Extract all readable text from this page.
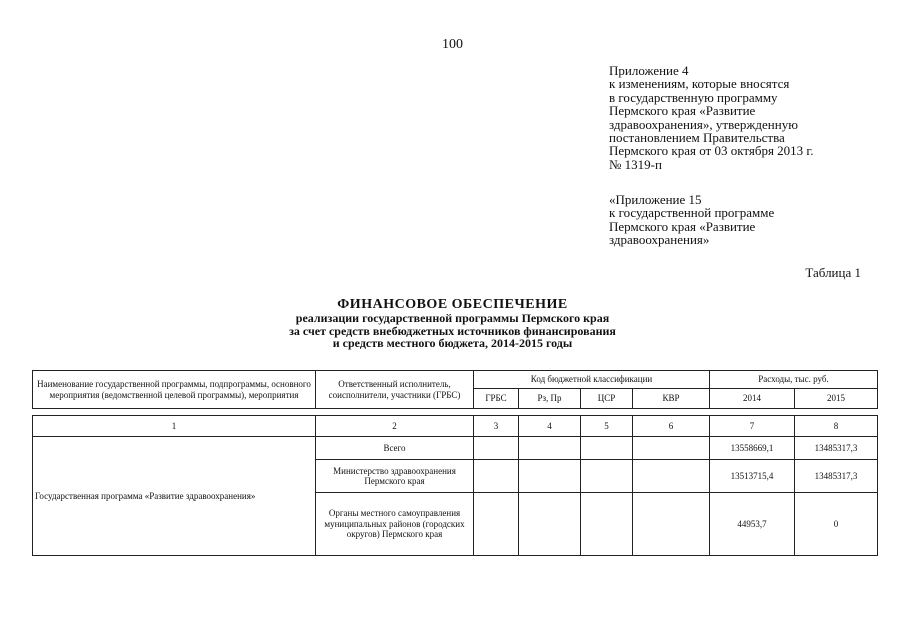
100
Приложение 4
к изменениям, которые вносятся
в государственную программу
Пермского края «Развитие
здравоохранения», утвержденную
постановлением Правительства
Пермского края от 03 октября 2013 г.
№ 1319-п
«Приложение 15
к государственной программе
Пермского края «Развитие
здравоохранения»
Таблица 1
ФИНАНСОВОЕ ОБЕСПЕЧЕНИЕ
реализации государственной программы Пермского края
за счет средств внебюджетных источников финансирования
и средств местного бюджета, 2014-2015 годы
Наименование государственной программы, подпрограммы, основного мероприятия (ведомственной целевой программы), мероприятия	Ответственный исполнитель, соисполнители, участники (ГРБС)	Код бюджетной классификации				Расходы, тыс. руб.	
		ГРБС	Рз, Пр	ЦСР	КВР	2014	2015

1	2	3	4	5	6	7	8
Государственная программа «Развитие здравоохранения»	Всего					13558669,1	13485317,3
	Министерство здравоохранения Пермского края					13513715,4	13485317,3
	Органы местного самоуправления муниципальных районов (городских округов) Пермского края					44953,7	0
